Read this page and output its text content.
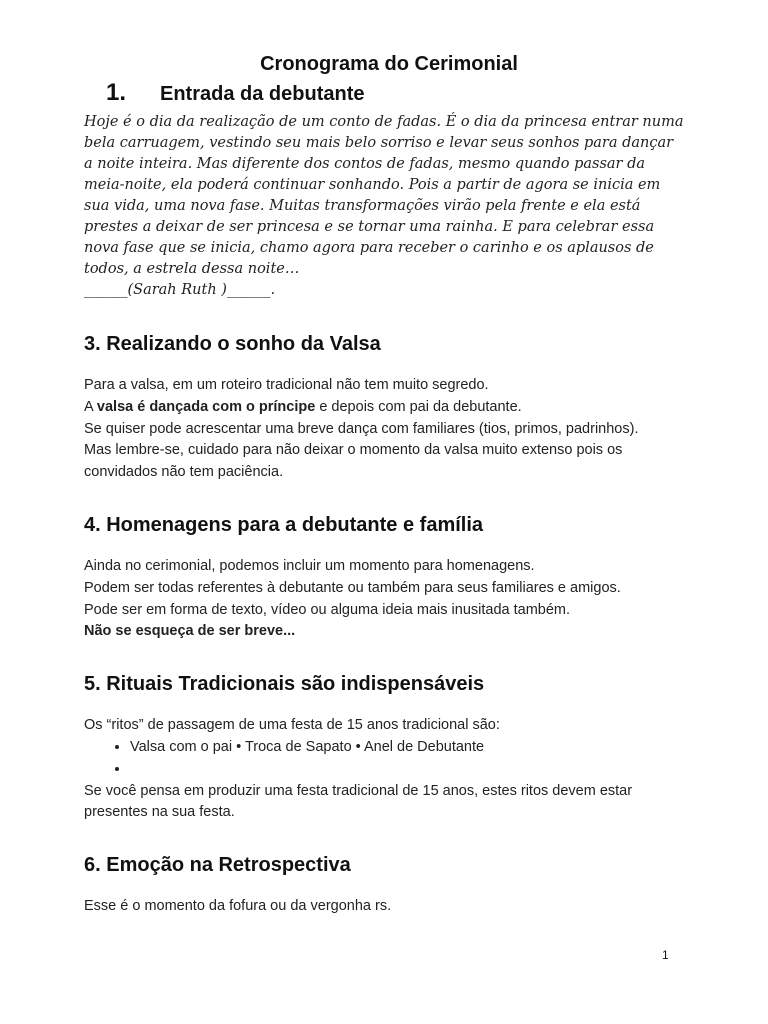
Cronograma do Cerimonial

1. Entrada da debutante

Hoje é o dia da realização de um conto de fadas. É o dia da princesa entrar numa bela carruagem, vestindo seu mais belo sorriso e levar seus sonhos para dançar a noite inteira. Mas diferente dos contos de fadas, mesmo quando passar da meia-noite, ela poderá continuar sonhando. Pois a partir de agora se inicia em sua vida, uma nova fase. Muitas transformações virão pela frente e ela está prestes a deixar de ser princesa e se tornar uma rainha. E para celebrar essa nova fase que se inicia, chamo agora para receber o carinho e os aplausos de todos, a estrela dessa noite…

______(Sarah Ruth )______.

3. Realizando o sonho da Valsa

Para a valsa, em um roteiro tradicional não tem muito segredo.

A valsa é dançada com o príncipe e depois com pai da debutante.

Se quiser pode acrescentar uma breve dança com familiares (tios, primos, padrinhos).

Mas lembre-se, cuidado para não deixar o momento da valsa muito extenso pois os convidados não tem paciência.

4. Homenagens para a debutante e família

Ainda no cerimonial, podemos incluir um momento para homenagens.

Podem ser todas referentes à debutante ou também para seus familiares e amigos.

Pode ser em forma de texto, vídeo ou alguma ideia mais inusitada também.

Não se esqueça de ser breve...

5. Rituais Tradicionais são indispensáveis

Os “ritos” de passagem de uma festa de 15 anos tradicional são:

• Valsa com o pai • Troca de Sapato • Anel de Debutante
•

Se você pensa em produzir uma festa tradicional de 15 anos, estes ritos devem estar presentes na sua festa.

6. Emoção na Retrospectiva

Esse é o momento da fofura ou da vergonha rs.

1
